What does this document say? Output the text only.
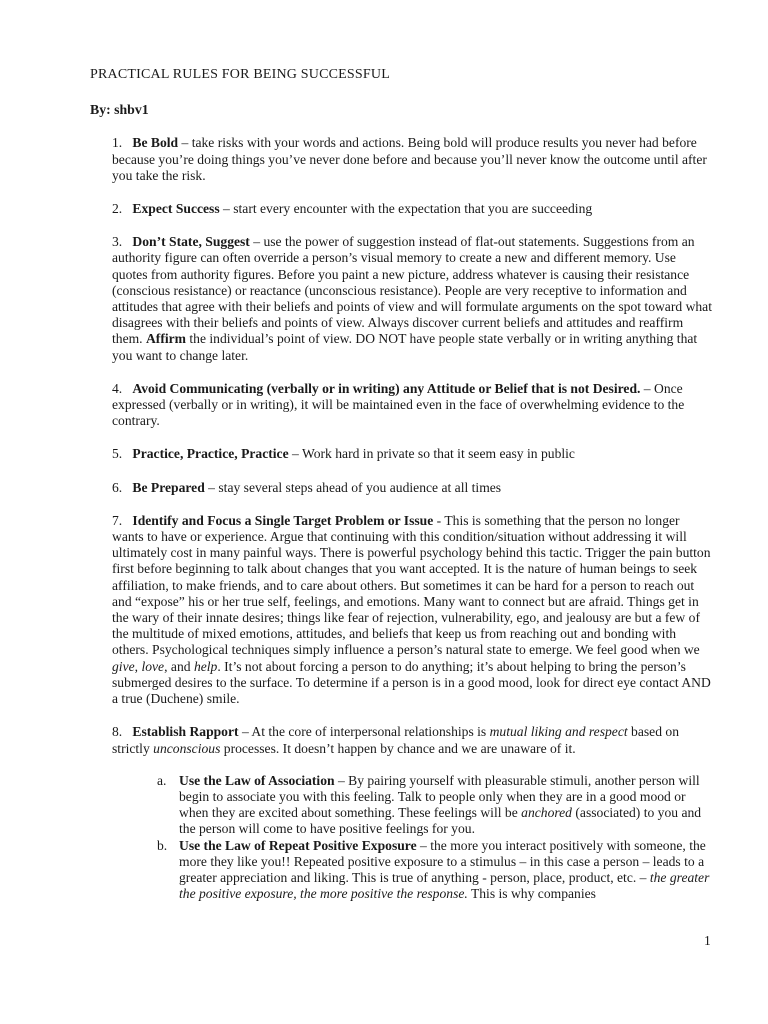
PRACTICAL RULES FOR BEING SUCCESSFUL

By: shbv1

1. Be Bold – take risks with your words and actions. Being bold will produce results you never had before because you’re doing things you’ve never done before and because you’ll never know the outcome until after you take the risk.

2. Expect Success – start every encounter with the expectation that you are succeeding

3. Don’t State, Suggest – use the power of suggestion instead of flat-out statements. Suggestions from an authority figure can often override a person’s visual memory to create a new and different memory. Use quotes from authority figures. Before you paint a new picture, address whatever is causing their resistance (conscious resistance) or reactance (unconscious resistance). People are very receptive to information and attitudes that agree with their beliefs and points of view and will formulate arguments on the spot toward what disagrees with their beliefs and points of view. Always discover current beliefs and attitudes and reaffirm them. Affirm the individual’s point of view. DO NOT have people state verbally or in writing anything that you want to change later.

4. Avoid Communicating (verbally or in writing) any Attitude or Belief that is not Desired. – Once expressed (verbally or in writing), it will be maintained even in the face of overwhelming evidence to the contrary.

5. Practice, Practice, Practice – Work hard in private so that it seem easy in public

6. Be Prepared – stay several steps ahead of you audience at all times

7. Identify and Focus a Single Target Problem or Issue - This is something that the person no longer wants to have or experience. Argue that continuing with this condition/situation without addressing it will ultimately cost in many painful ways. There is powerful psychology behind this tactic. Trigger the pain button first before beginning to talk about changes that you want accepted. It is the nature of human beings to seek affiliation, to make friends, and to care about others. But sometimes it can be hard for a person to reach out and “expose” his or her true self, feelings, and emotions. Many want to connect but are afraid. Things get in the wary of their innate desires; things like fear of rejection, vulnerability, ego, and jealousy are but a few of the multitude of mixed emotions, attitudes, and beliefs that keep us from reaching out and bonding with others. Psychological techniques simply influence a person’s natural state to emerge. We feel good when we give, love, and help. It’s not about forcing a person to do anything; it’s about helping to bring the person’s submerged desires to the surface. To determine if a person is in a good mood, look for direct eye contact AND a true (Duchene) smile.

8. Establish Rapport – At the core of interpersonal relationships is mutual liking and respect based on strictly unconscious processes. It doesn’t happen by chance and we are unaware of it.

a. Use the Law of Association – By pairing yourself with pleasurable stimuli, another person will begin to associate you with this feeling. Talk to people only when they are in a good mood or when they are excited about something. These feelings will be anchored (associated) to you and the person will come to have positive feelings for you.
b. Use the Law of Repeat Positive Exposure – the more you interact positively with someone, the more they like you!! Repeated positive exposure to a stimulus – in this case a person – leads to a greater appreciation and liking. This is true of anything - person, place, product, etc. – the greater the positive exposure, the more positive the response. This is why companies
1
